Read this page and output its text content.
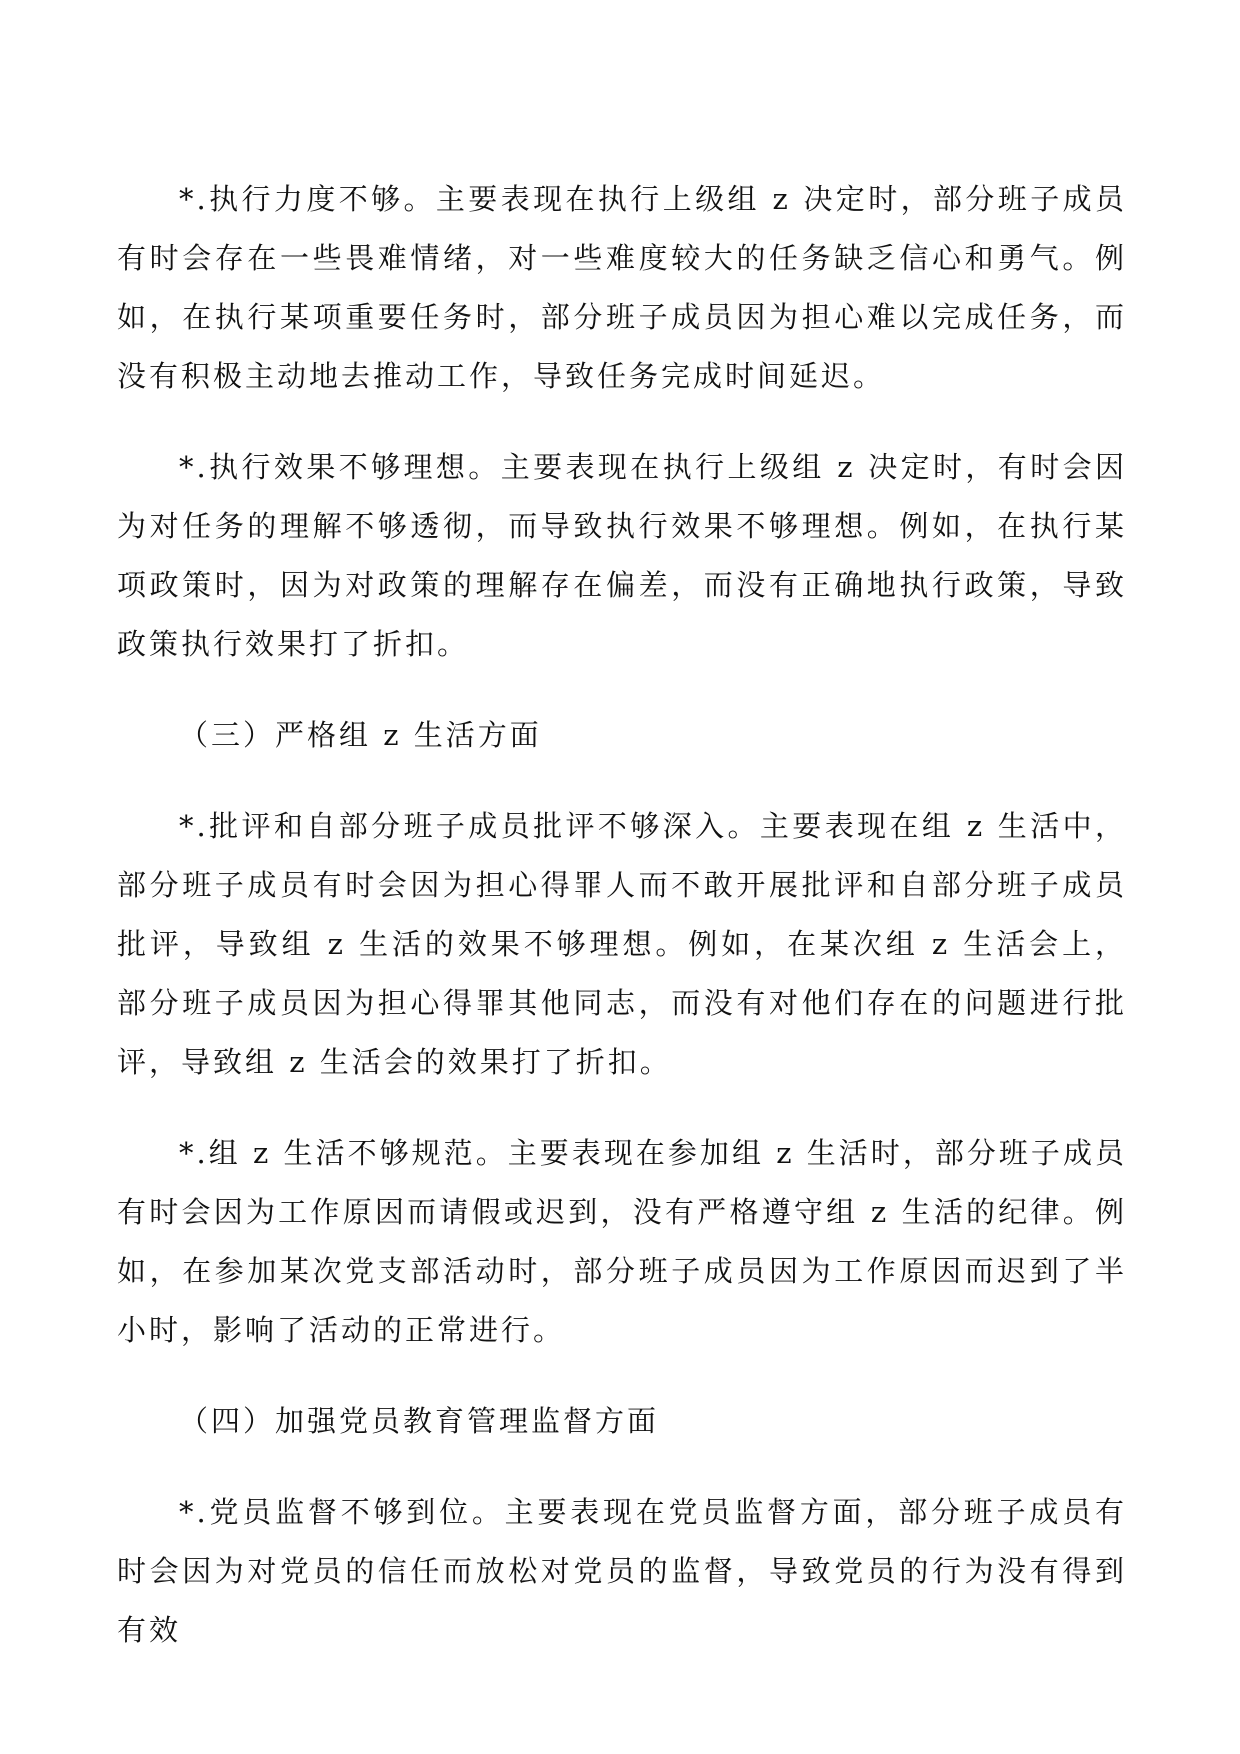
*.执行力度不够。主要表现在执行上级组 z 决定时，部分班子成员有时会存在一些畏难情绪，对一些难度较大的任务缺乏信心和勇气。例如，在执行某项重要任务时，部分班子成员因为担心难以完成任务，而没有积极主动地去推动工作，导致任务完成时间延迟。

*.执行效果不够理想。主要表现在执行上级组 z 决定时，有时会因为对任务的理解不够透彻，而导致执行效果不够理想。例如，在执行某项政策时，因为对政策的理解存在偏差，而没有正确地执行政策，导致政策执行效果打了折扣。

（三）严格组 z 生活方面

*.批评和自部分班子成员批评不够深入。主要表现在组 z 生活中，部分班子成员有时会因为担心得罪人而不敢开展批评和自部分班子成员批评，导致组 z 生活的效果不够理想。例如，在某次组 z 生活会上，部分班子成员因为担心得罪其他同志，而没有对他们存在的问题进行批评，导致组 z 生活会的效果打了折扣。

*.组 z 生活不够规范。主要表现在参加组 z 生活时，部分班子成员有时会因为工作原因而请假或迟到，没有严格遵守组 z 生活的纪律。例如，在参加某次党支部活动时，部分班子成员因为工作原因而迟到了半小时，影响了活动的正常进行。

（四）加强党员教育管理监督方面

*.党员监督不够到位。主要表现在党员监督方面，部分班子成员有时会因为对党员的信任而放松对党员的监督，导致党员的行为没有得到有效
